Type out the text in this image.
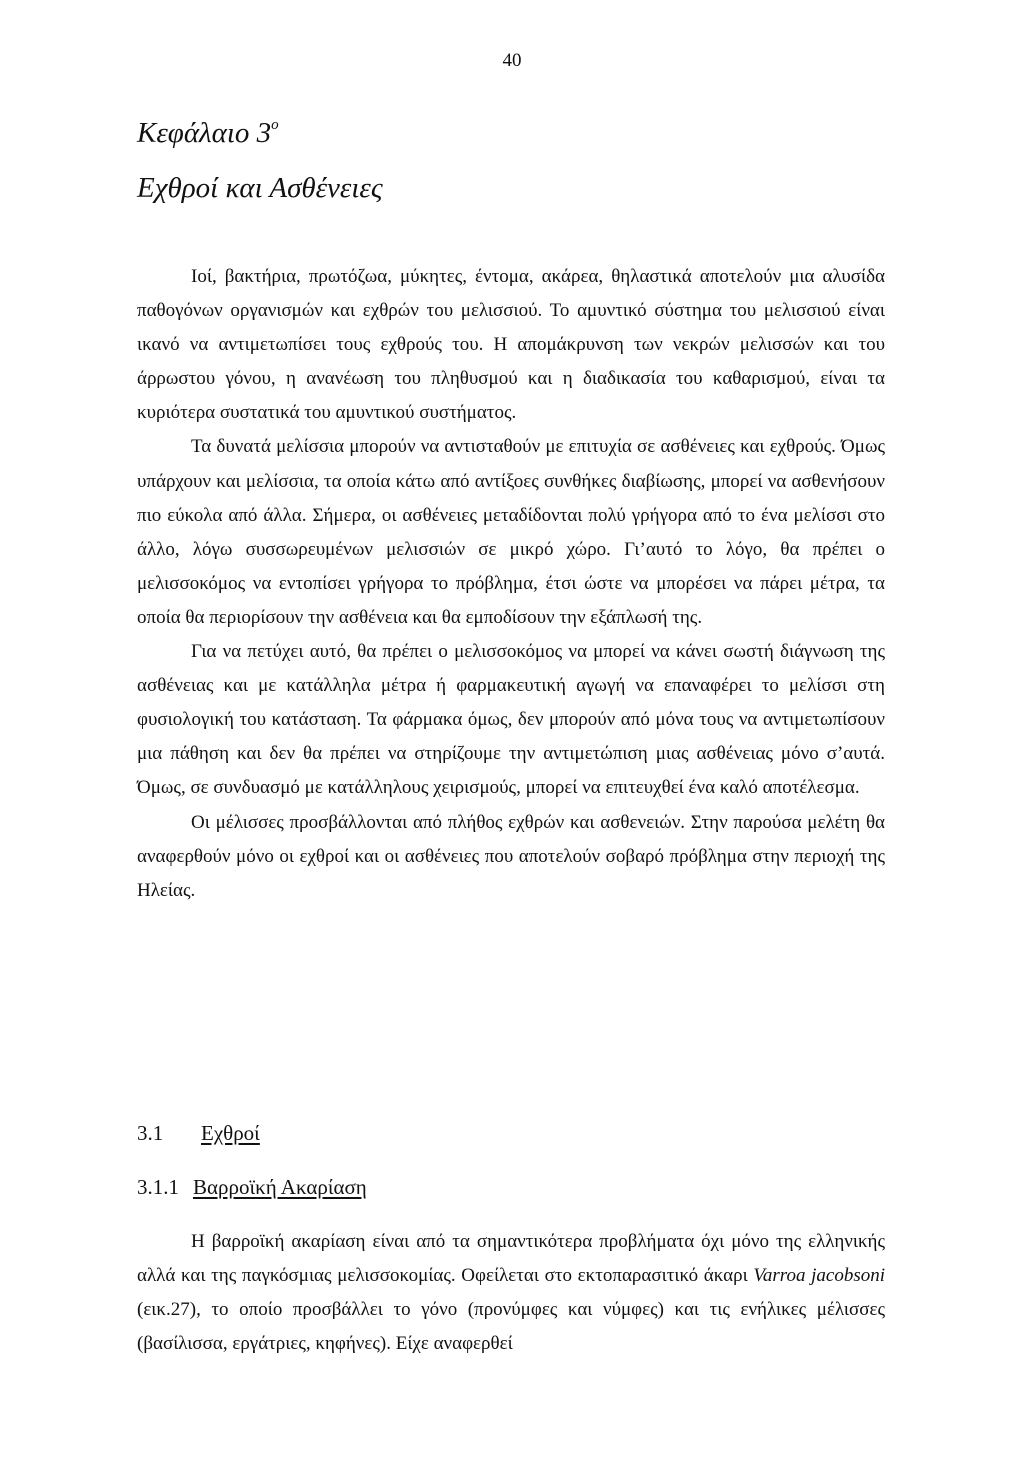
40
Κεφάλαιο $3^o$
Εχθροί και Ασθένειες

Ιοί, βακτήρια, πρωτόζωα, μύκητες, έντομα, ακάρεα, θηλαστικά αποτελούν μια αλυσίδα παθογόνων οργανισμών και εχθρών του μελισσιού. Το αμυντικό σύστημα του μελισσιού είναι ικανό να αντιμετωπίσει τους εχθρούς του. Η απομάκρυνση των νεκρών μελισσών και του άρρωστου γόνου, η ανανέωση του πληθυσμού και η διαδικασία του καθαρισμού, είναι τα κυριότερα συστατικά του αμυντικού συστήματος.

Τα δυνατά μελίσσια μπορούν να αντισταθούν με επιτυχία σε ασθένειες και εχθρούς. Όμως υπάρχουν και μελίσσια, τα οποία κάτω από αντίξοες συνθήκες διαβίωσης, μπορεί να ασθενήσουν πιο εύκολα από άλλα. Σήμερα, οι ασθένειες μεταδίδονται πολύ γρήγορα από το ένα μελίσσι στο άλλο, λόγω συσσωρευμένων μελισσιών σε μικρό χώρο. Γι’αυτό το λόγο, θα πρέπει ο μελισσοκόμος να εντοπίσει γρήγορα το πρόβλημα, έτσι ώστε να μπορέσει να πάρει μέτρα, τα οποία θα περιορίσουν την ασθένεια και θα εμποδίσουν την εξάπλωσή της.

Για να πετύχει αυτό, θα πρέπει ο μελισσοκόμος να μπορεί να κάνει σωστή διάγνωση της ασθένειας και με κατάλληλα μέτρα ή φαρμακευτική αγωγή να επαναφέρει το μελίσσι στη φυσιολογική του κατάσταση. Τα φάρμακα όμως, δεν μπορούν από μόνα τους να αντιμετωπίσουν μια πάθηση και δεν θα πρέπει να στηρίζουμε την αντιμετώπιση μιας ασθένειας μόνο σ’αυτά. Όμως, σε συνδυασμό με κατάλληλους χειρισμούς, μπορεί να επιτευχθεί ένα καλό αποτέλεσμα.

Οι μέλισσες προσβάλλονται από πλήθος εχθρών και ασθενειών. Στην παρούσα μελέτη θα αναφερθούν μόνο οι εχθροί και οι ασθένειες που αποτελούν σοβαρό πρόβλημα στην περιοχή της Ηλείας.

3.1 Εχθροί
3.1.1 Βαρροϊκή Ακαρίαση

Η βαρροϊκή ακαρίαση είναι από τα σημαντικότερα προβλήματα όχι μόνο της ελληνικής αλλά και της παγκόσμιας μελισσοκομίας. Οφείλεται στο εκτοπαρασιτικό άκαρι Varroa jacobsoni (εικ.27), το οποίο προσβάλλει το γόνο (προνύμφες και νύμφες) και τις ενήλικες μέλισσες (βασίλισσα, εργάτριες, κηφήνες). Είχε αναφερθεί
